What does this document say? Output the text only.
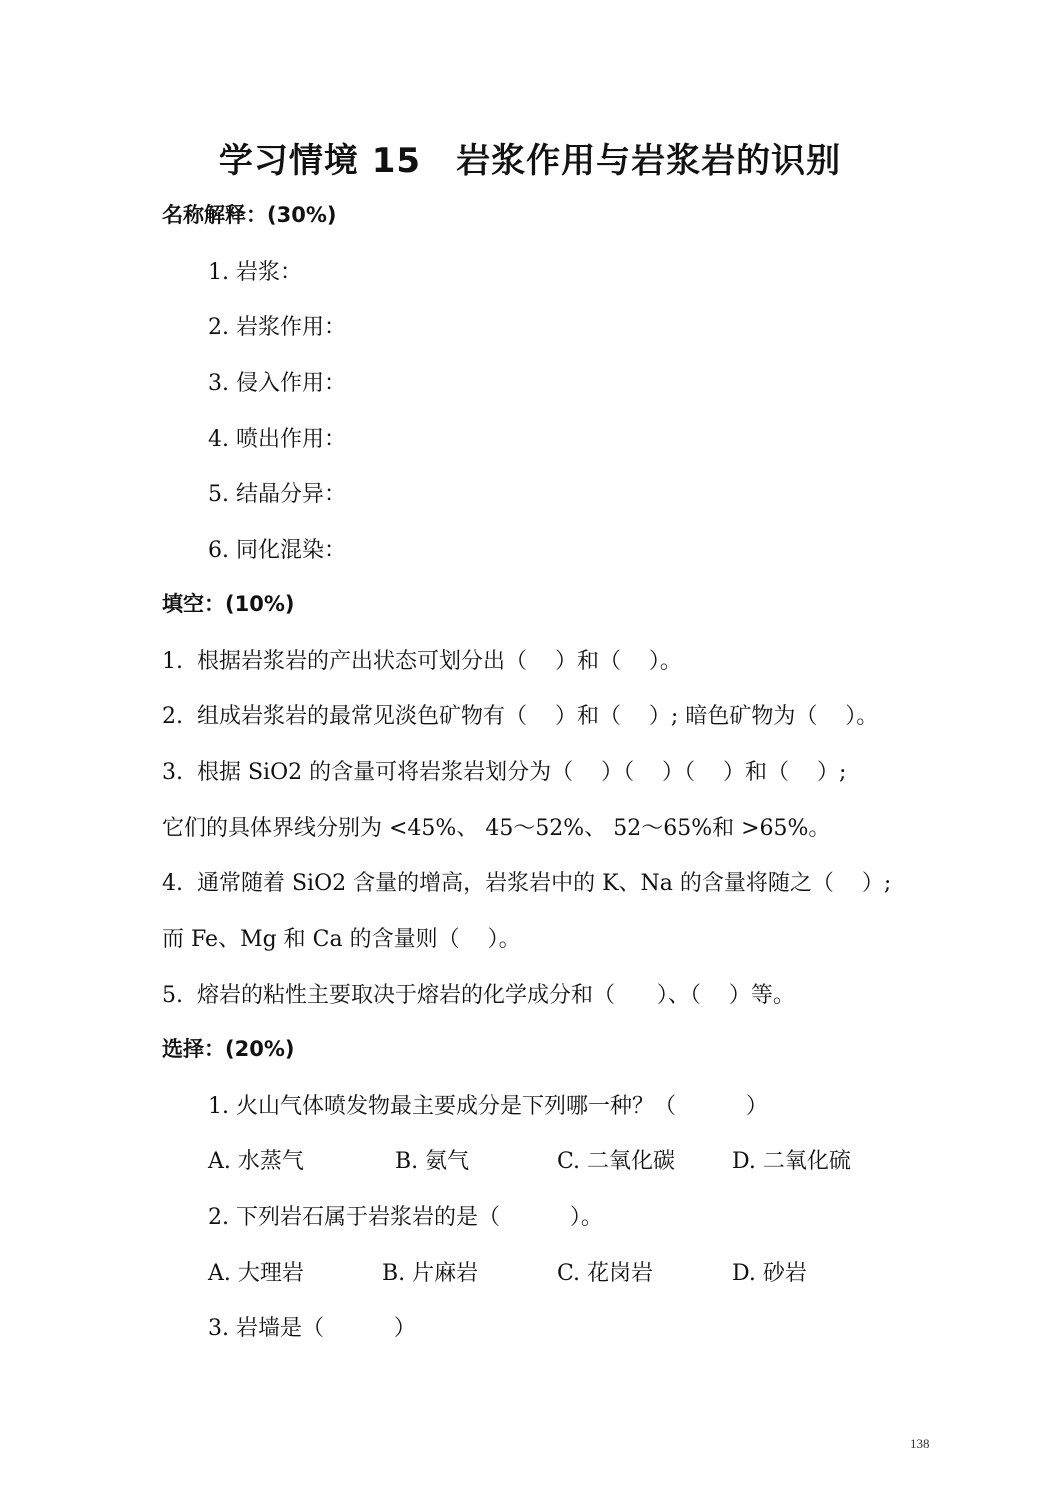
学习情境 15　岩浆作用与岩浆岩的识别
名称解释：(30%)
1. 岩浆：
2. 岩浆作用：
3. 侵入作用：
4. 喷出作用：
5. 结晶分异：
6. 同化混染：
填空：(10%)
1.  根据岩浆岩的产出状态可划分出（    ）和（    ）。
2.  组成岩浆岩的最常见淡色矿物有（    ）和（    ）; 暗色矿物为（    ）。
3.  根据 SiO2 的含量可将岩浆岩划分为（    ）（    ）（    ）和（    ）;
它们的具体界线分别为 <45%、 45～52%、 52～65%和 >65%。
4.  通常随着 SiO2 含量的增高，岩浆岩中的 K、Na 的含量将随之（    ）;
而 Fe、Mg 和 Ca 的含量则（    ）。
5.  熔岩的粘性主要取决于熔岩的化学成分和（      ）、（    ）等。
选择：(20%)
1. 火山气体喷发物最主要成分是下列哪一种？（          ）
A. 水蒸气	B. 氨气	C. 二氧化碳	D. 二氧化硫
2. 下列岩石属于岩浆岩的是（          ）。
A. 大理岩	B. 片麻岩	C. 花岗岩	D. 砂岩
3. 岩墙是（          ）
138
